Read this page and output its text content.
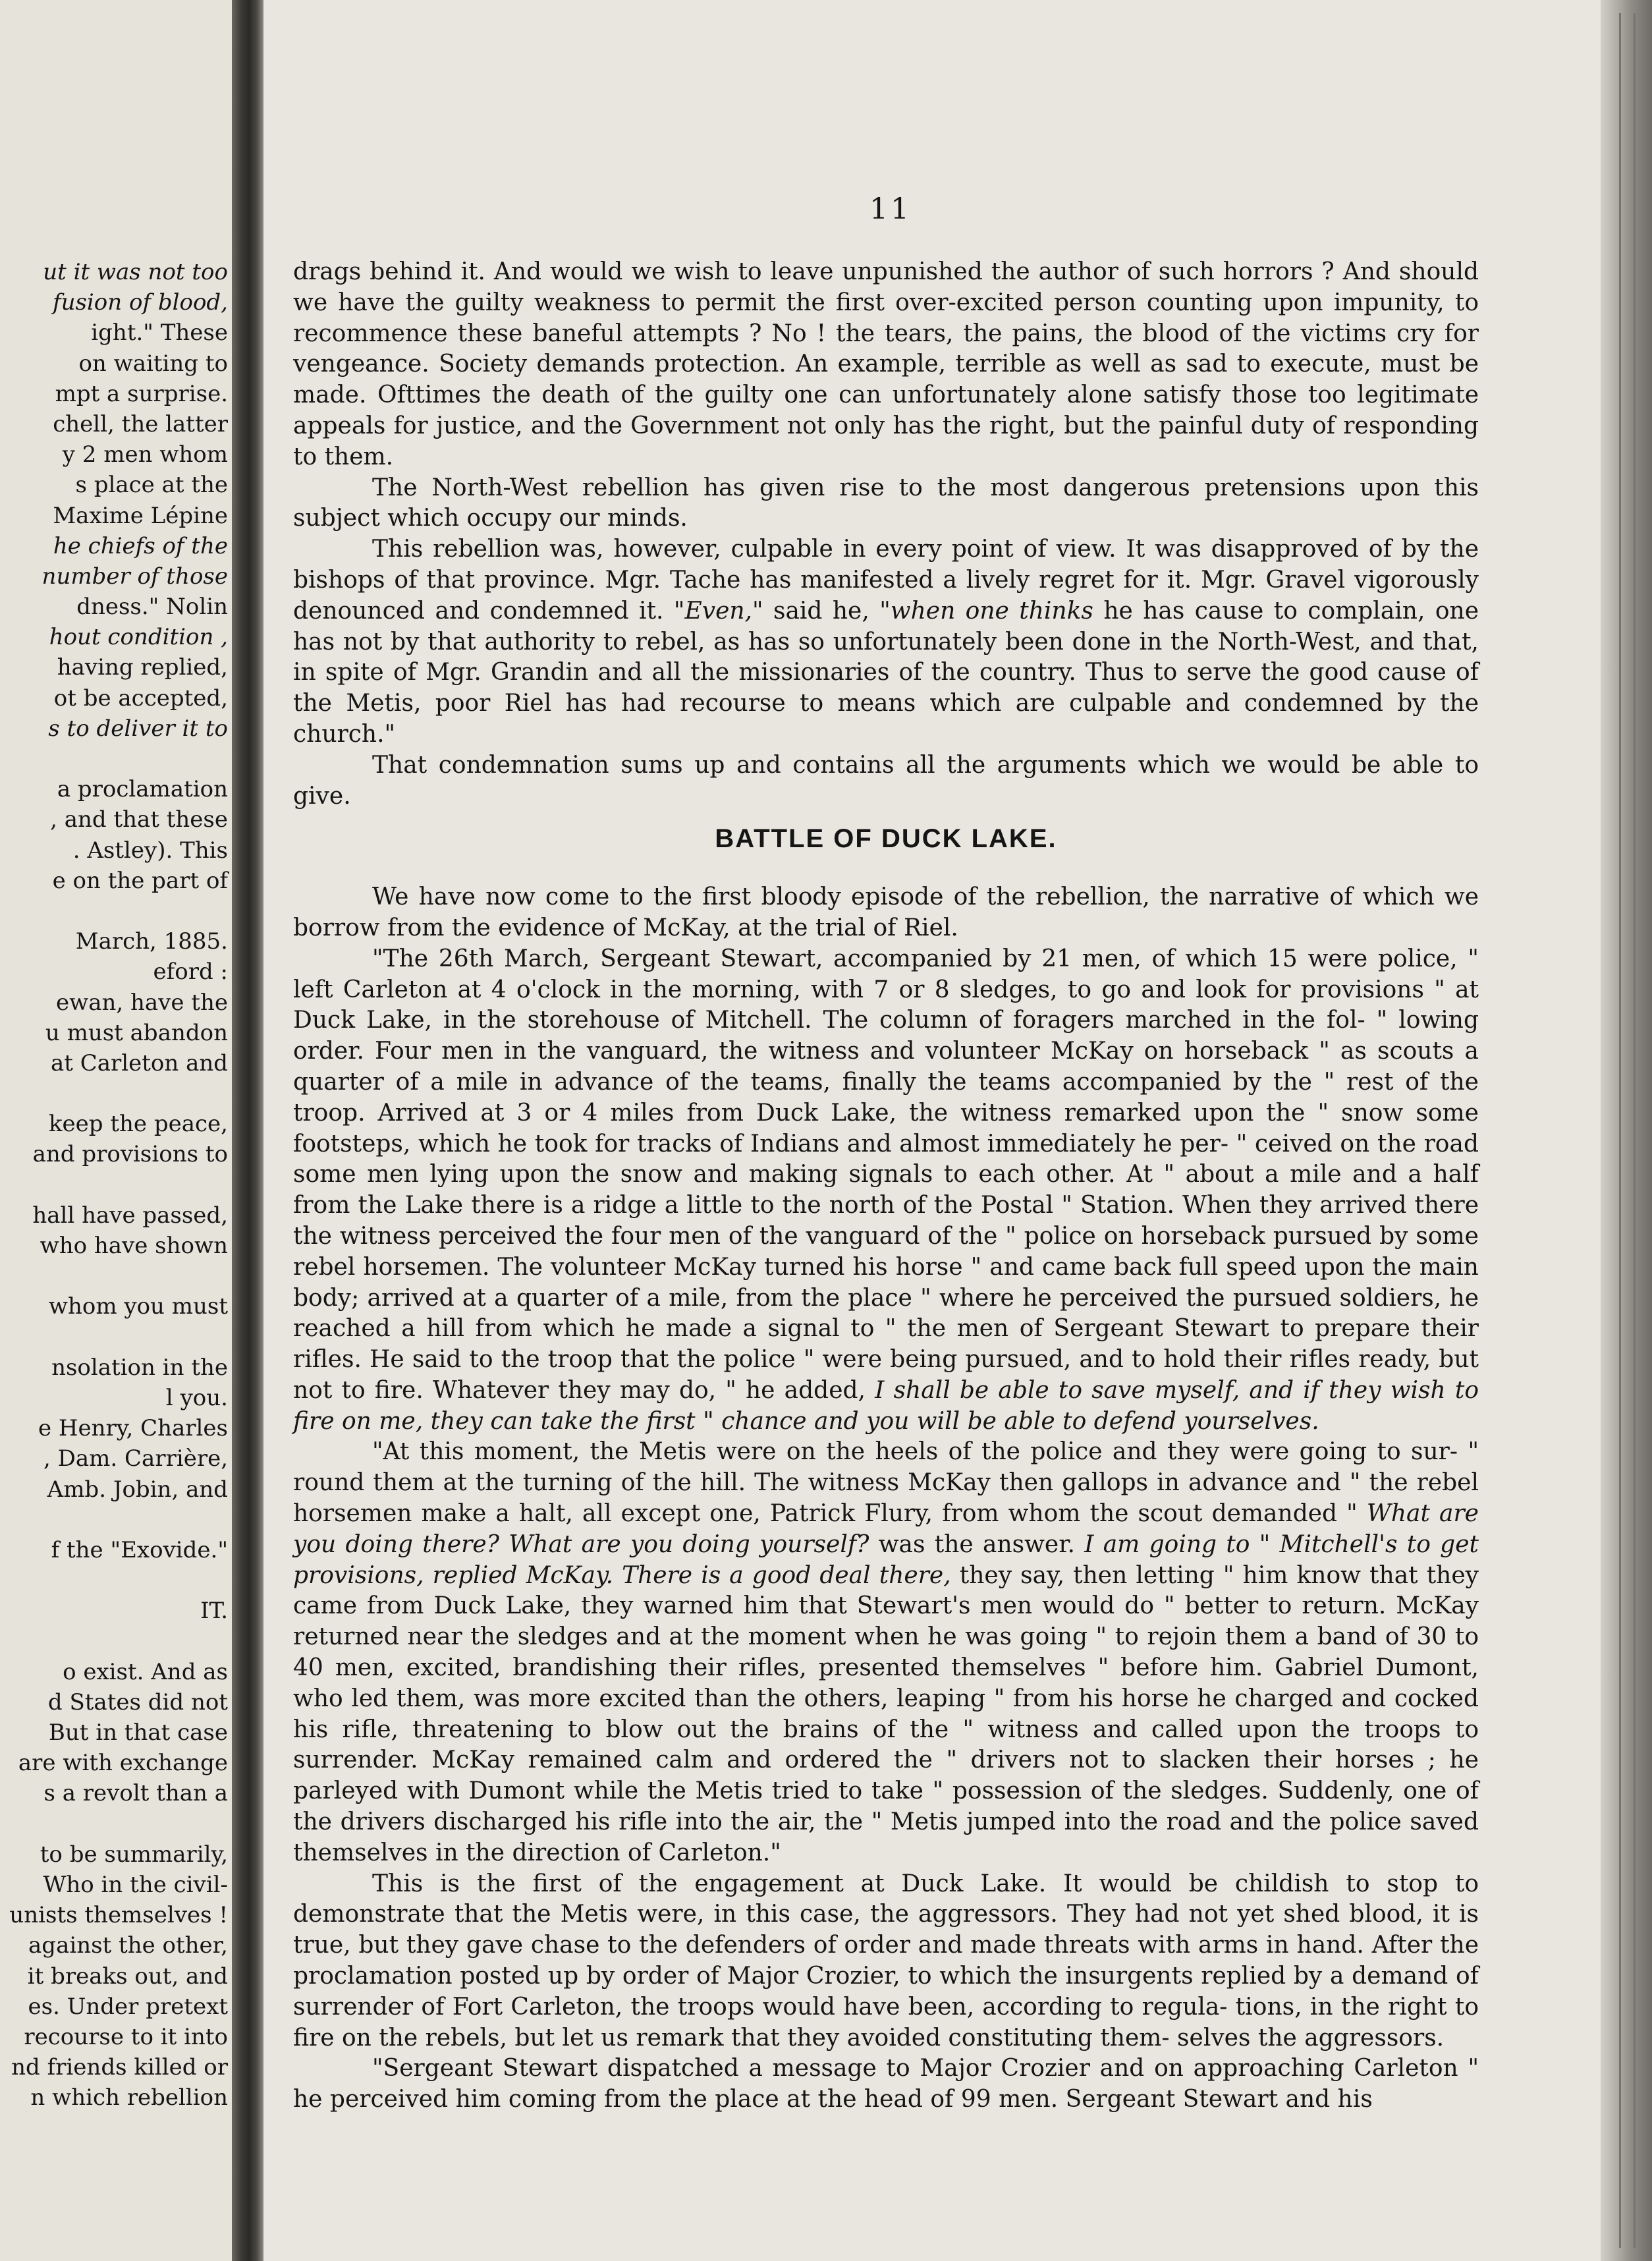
ut it was not too
fusion of blood,
ight." These
on waiting to
mpt a surprise.
chell, the latter
y 2 men whom
s place at the
Maxime Lépine
he chiefs of the
number of those
dness." Nolin
hout condition ,
having replied,
ot be accepted,
s to deliver it to
a proclamation
, and that these
. Astley). This
e on the part of
March, 1885.
eford :
ewan, have the
u must abandon
at Carleton and
keep the peace,
and provisions to
hall have passed,
who have shown
whom you must
nsolation in the
l you.
e Henry, Charles
, Dam. Carrière,
Amb. Jobin, and
f the "Exovide."
IT.
o exist. And as
d States did not
But in that case
are with exchange
s a revolt than a
to be summarily,
Who in the civil-
unists themselves !
against the other,
it breaks out, and
es. Under pretext
recourse to it into
nd friends killed or
n which rebellion
11

drags behind it. And would we wish to leave unpunished the author of such horrors ? And should we have the guilty weakness to permit the first over-excited person counting upon impunity, to recommence these baneful attempts ? No ! the tears, the pains, the blood of the victims cry for vengeance. Society demands protection. An example, terrible as well as sad to execute, must be made. Ofttimes the death of the guilty one can unfortunately alone satisfy those too legitimate appeals for justice, and the Government not only has the right, but the painful duty of responding to them.

The North-West rebellion has given rise to the most dangerous pretensions upon this subject which occupy our minds.

This rebellion was, however, culpable in every point of view. It was disapproved of by the bishops of that province. Mgr. Tache has manifested a lively regret for it. Mgr. Gravel vigorously denounced and condemned it. "Even," said he, "when one thinks he has cause to complain, one has not by that authority to rebel, as has so unfortunately been done in the North-West, and that, in spite of Mgr. Grandin and all the missionaries of the country. Thus to serve the good cause of the Metis, poor Riel has had recourse to means which are culpable and condemned by the church."

That condemnation sums up and contains all the arguments which we would be able to give.

BATTLE OF DUCK LAKE.

We have now come to the first bloody episode of the rebellion, the narrative of which we borrow from the evidence of McKay, at the trial of Riel.

"The 26th March, Sergeant Stewart, accompanied by 21 men, of which 15 were police, " left Carleton at 4 o'clock in the morning, with 7 or 8 sledges, to go and look for provisions " at Duck Lake, in the storehouse of Mitchell. The column of foragers marched in the fol- " lowing order. Four men in the vanguard, the witness and volunteer McKay on horseback " as scouts a quarter of a mile in advance of the teams, finally the teams accompanied by the " rest of the troop. Arrived at 3 or 4 miles from Duck Lake, the witness remarked upon the " snow some footsteps, which he took for tracks of Indians and almost immediately he per- " ceived on the road some men lying upon the snow and making signals to each other. At " about a mile and a half from the Lake there is a ridge a little to the north of the Postal " Station. When they arrived there the witness perceived the four men of the vanguard of the " police on horseback pursued by some rebel horsemen. The volunteer McKay turned his horse " and came back full speed upon the main body; arrived at a quarter of a mile, from the place " where he perceived the pursued soldiers, he reached a hill from which he made a signal to " the men of Sergeant Stewart to prepare their rifles. He said to the troop that the police " were being pursued, and to hold their rifles ready, but not to fire. Whatever they may do, " he added, I shall be able to save myself, and if they wish to fire on me, they can take the first " chance and you will be able to defend yourselves.

"At this moment, the Metis were on the heels of the police and they were going to sur- " round them at the turning of the hill. The witness McKay then gallops in advance and " the rebel horsemen make a halt, all except one, Patrick Flury, from whom the scout demanded " What are you doing there? What are you doing yourself? was the answer. I am going to " Mitchell's to get provisions, replied McKay. There is a good deal there, they say, then letting " him know that they came from Duck Lake, they warned him that Stewart's men would do " better to return. McKay returned near the sledges and at the moment when he was going " to rejoin them a band of 30 to 40 men, excited, brandishing their rifles, presented themselves " before him. Gabriel Dumont, who led them, was more excited than the others, leaping " from his horse he charged and cocked his rifle, threatening to blow out the brains of the " witness and called upon the troops to surrender. McKay remained calm and ordered the " drivers not to slacken their horses ; he parleyed with Dumont while the Metis tried to take " possession of the sledges. Suddenly, one of the drivers discharged his rifle into the air, the " Metis jumped into the road and the police saved themselves in the direction of Carleton."

This is the first of the engagement at Duck Lake. It would be childish to stop to demonstrate that the Metis were, in this case, the aggressors. They had not yet shed blood, it is true, but they gave chase to the defenders of order and made threats with arms in hand. After the proclamation posted up by order of Major Crozier, to which the insurgents replied by a demand of surrender of Fort Carleton, the troops would have been, according to regula- tions, in the right to fire on the rebels, but let us remark that they avoided constituting them- selves the aggressors.

"Sergeant Stewart dispatched a message to Major Crozier and on approaching Carleton " he perceived him coming from the place at the head of 99 men. Sergeant Stewart and his
